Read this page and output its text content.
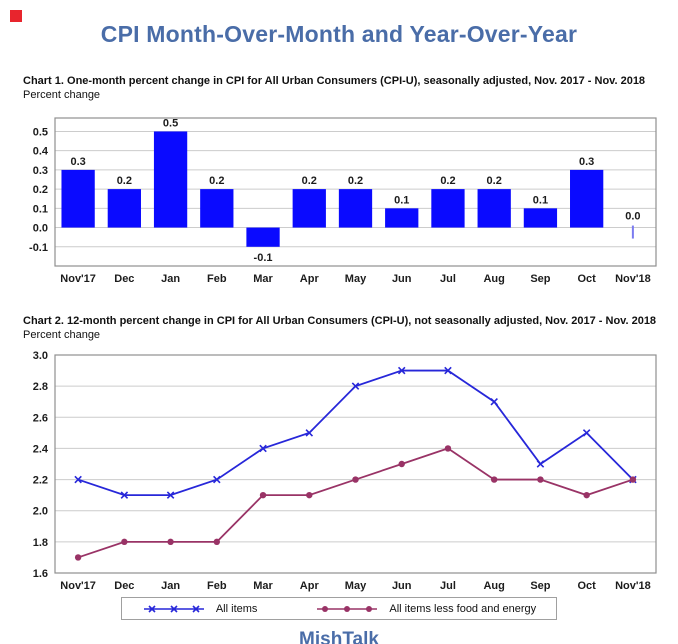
CPI Month-Over-Month and Year-Over-Year
Chart 1. One-month percent change in CPI for All Urban Consumers (CPI-U), seasonally adjusted, Nov. 2017 - Nov. 2018
Percent change
0.5
0.4
0.3
0.2
0.1
0.0
-0.1
Nov'17 Dec Jan Feb Mar Apr May Jun	Jul	Aug Sep Oct Nov'18
0.3
0.2
0.5
0.2
-0.1
0.2	0.2
0.1
0.2	0.2
0.1
0.3
0.0
Chart 2. 12-month percent change in CPI for All Urban Consumers (CPI-U), not seasonally adjusted, Nov. 2017 - Nov. 2018
Percent change
3.0
2.8
2.6
2.4
2.2
2.0
1.8
1.6
Nov'17 Dec Jan Feb Mar Apr May Jun	Jul	Aug Sep Oct Nov'18
All items	All items less food and energy
MishTalk
